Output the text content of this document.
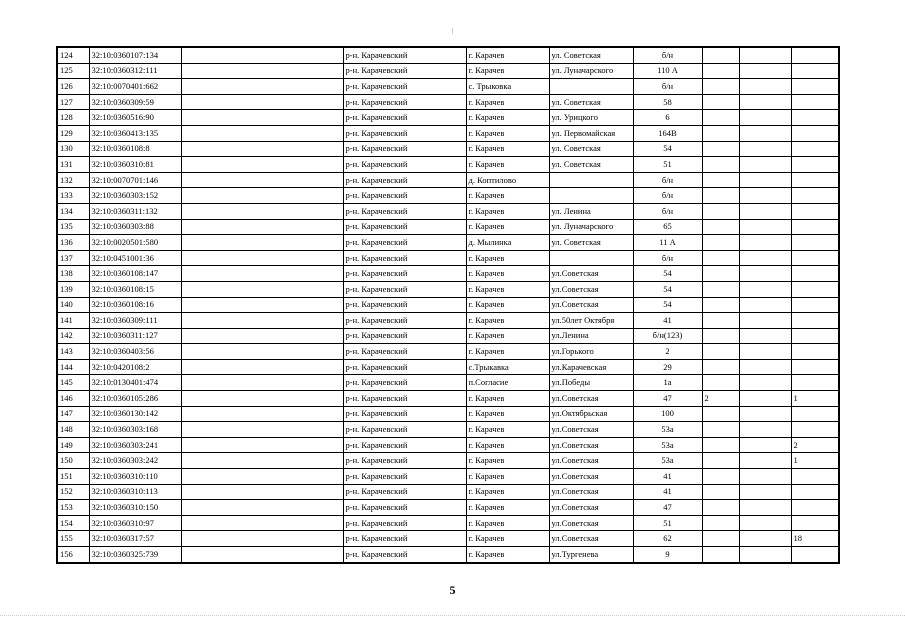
124	32:10:0360107:134		р-н. Карачевский	г. Карачев	ул. Советская	б/н			
125	32:10:0360312:111		р-н. Карачевский	г. Карачев	ул. Луначарского	110 А			
126	32:10:0070401:662		р-н. Карачевский	с. Трыковка		б/н			
127	32:10:0360309:59		р-н. Карачевский	г. Карачев	ул. Советская	58			
128	32:10:0360516:90		р-н. Карачевский	г. Карачев	ул. Урицкого	6			
129	32:10:0360413:135		р-н. Карачевский	г. Карачев	ул. Первомайская	164В			
130	32:10:0360108:8		р-н. Карачевский	г. Карачев	ул. Советская	54			
131	32:10:0360310:81		р-н. Карачевский	г. Карачев	ул. Советская	51			
132	32:10:0070701:146		р-н. Карачевский	д. Коптилово		б/н			
133	32:10:0360303:152		р-н. Карачевский	г. Карачев		б/н			
134	32:10:0360311:132		р-н. Карачевский	г. Карачев	ул. Ленина	б/н			
135	32:10:0360303:88		р-н. Карачевский	г. Карачев	ул. Луначарского	65			
136	32:10:0020501:580		р-н. Карачевский	д. Мылинка	ул. Советская	11 А			
137	32:10:0451001:36		р-н. Карачевский	г. Карачев		б/н			
138	32:10:0360108:147		р-н. Карачевский	г. Карачев	ул.Советская	54			
139	32:10:0360108:15		р-н. Карачевский	г. Карачев	ул.Советская	54			
140	32:10:0360108:16		р-н. Карачевский	г. Карачев	ул.Советская	54			
141	32:10:0360309:111		р-н. Карачевский	г. Карачев	ул.50лет Октября	41			
142	32:10:0360311:127		р-н. Карачевский	г. Карачев	ул.Ленина	б/н(123)			
143	32:10:0360403:56		р-н. Карачевский	г. Карачев	ул.Горького	2			
144	32:10:0420108:2		р-н. Карачевский	с.Трыкавка	ул.Карачевская	29			
145	32:10:0130401:474		р-н. Карачевский	п.Согласие	ул.Победы	1а			
146	32:10:0360105:286		р-н. Карачевский	г. Карачев	ул.Советская	47	2		1
147	32:10:0360130:142		р-н. Карачевский	г. Карачев	ул.Октябрьская	100			
148	32:10:0360303:168		р-н. Карачевский	г. Карачев	ул.Советская	53а			
149	32:10:0360303:241		р-н. Карачевский	г. Карачев	ул.Советская	53а			2
150	32:10:0360303:242		р-н. Карачевский	г. Карачев	ул.Советская	53а			1
151	32:10:0360310:110		р-н. Карачевский	г. Карачев	ул.Советская	41			
152	32:10:0360310:113		р-н. Карачевский	г. Карачев	ул.Советская	41			
153	32:10:0360310:150		р-н. Карачевский	г. Карачев	ул.Советская	47			
154	32:10:0360310:97		р-н. Карачевский	г. Карачев	ул.Советская	51			
155	32:10:0360317:57		р-н. Карачевский	г. Карачев	ул.Советская	62			18
156	32:10:0360325:739		р-н. Карачевский	г. Карачев	ул.Тургенева	9			
5
